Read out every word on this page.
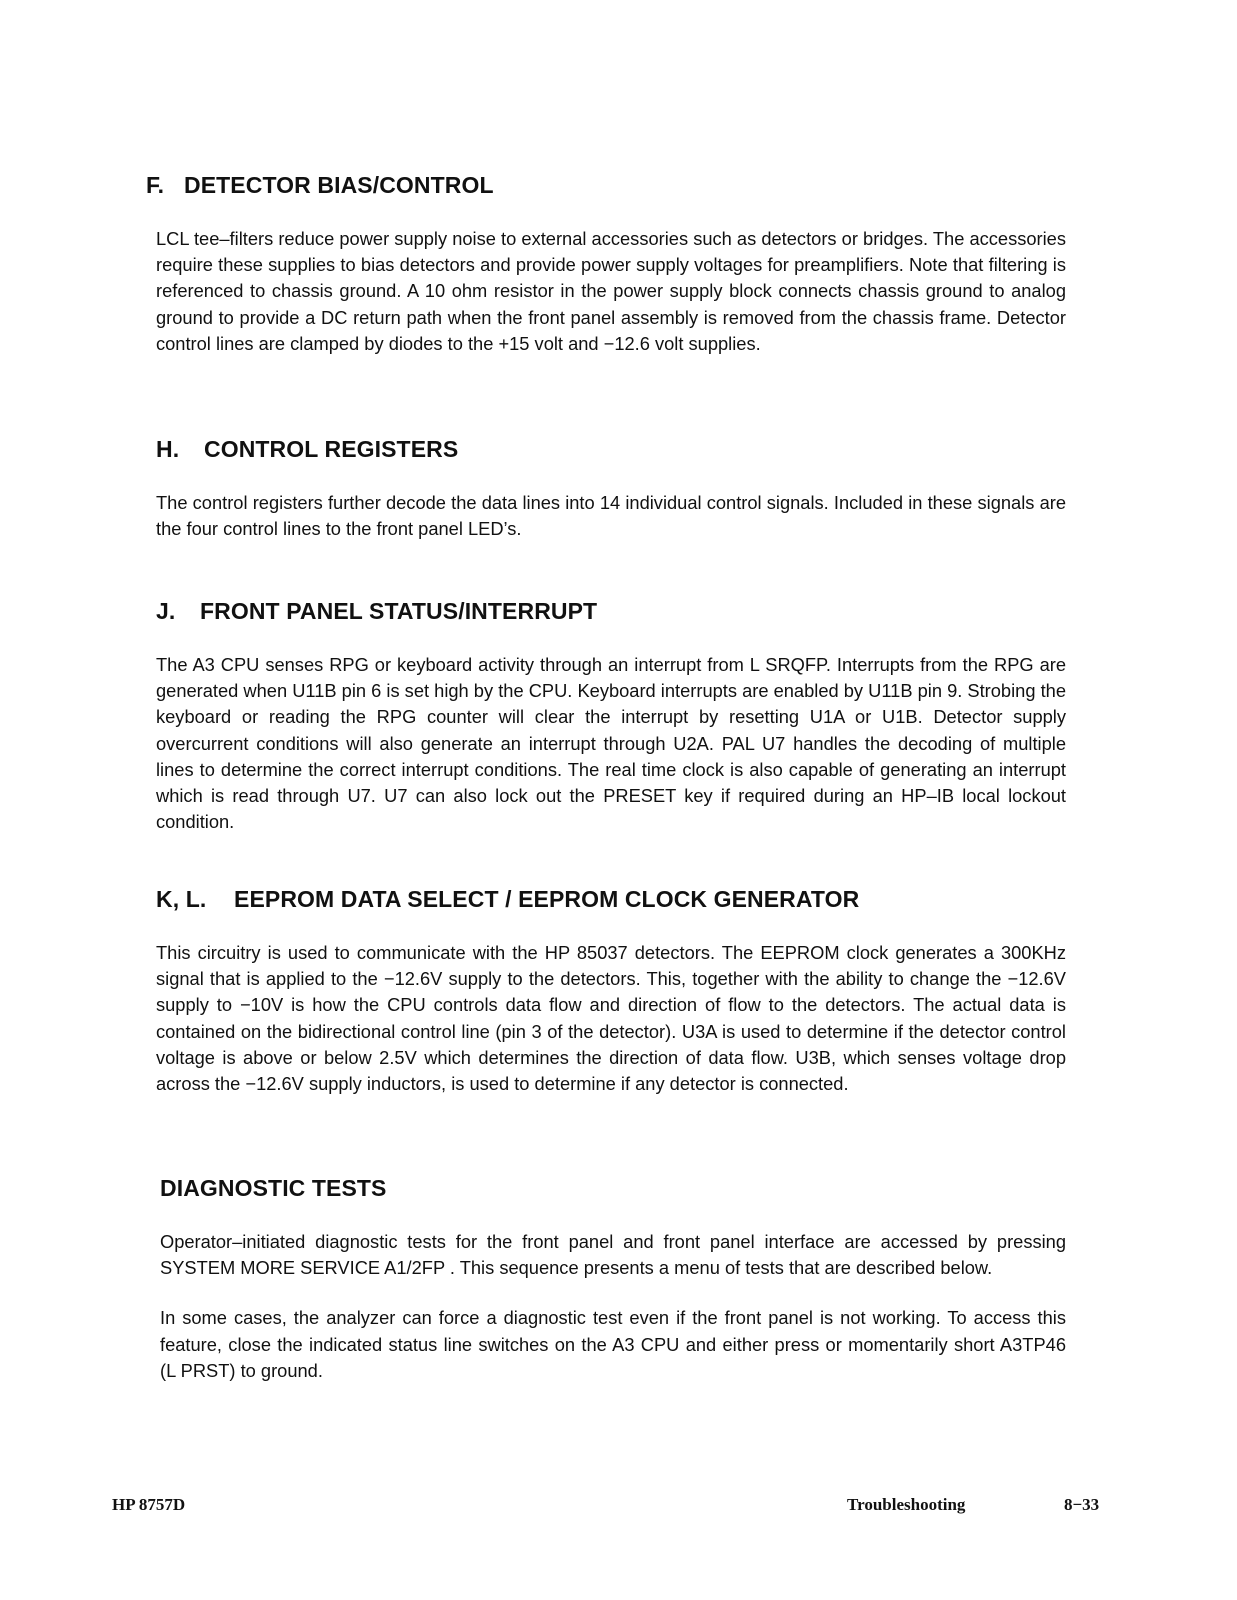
F. DETECTOR BIAS/CONTROL

LCL tee–filters reduce power supply noise to external accessories such as detectors or bridges. The accessories require these supplies to bias detectors and provide power supply voltages for preamplifiers. Note that filtering is referenced to chassis ground. A 10 ohm resistor in the power supply block connects chassis ground to analog ground to provide a DC return path when the front panel assembly is removed from the chassis frame. Detector control lines are clamped by diodes to the +15 volt and −12.6 volt supplies.

H. CONTROL REGISTERS

The control registers further decode the data lines into 14 individual control signals. Included in these signals are the four control lines to the front panel LED’s.

J. FRONT PANEL STATUS/INTERRUPT

The A3 CPU senses RPG or keyboard activity through an interrupt from L SRQFP. Interrupts from the RPG are generated when U11B pin 6 is set high by the CPU. Keyboard interrupts are enabled by U11B pin 9. Strobing the keyboard or reading the RPG counter will clear the interrupt by resetting U1A or U1B. Detector supply overcurrent conditions will also generate an interrupt through U2A. PAL U7 handles the decoding of multiple lines to determine the correct interrupt conditions. The real time clock is also capable of generating an interrupt which is read through U7. U7 can also lock out the PRESET key if required during an HP–IB local lockout condition.

K, L. EEPROM DATA SELECT / EEPROM CLOCK GENERATOR

This circuitry is used to communicate with the HP 85037 detectors. The EEPROM clock generates a 300KHz signal that is applied to the −12.6V supply to the detectors. This, together with the ability to change the −12.6V supply to −10V is how the CPU controls data flow and direction of flow to the detectors. The actual data is contained on the bidirectional control line (pin 3 of the detector). U3A is used to determine if the detector control voltage is above or below 2.5V which determines the direction of data flow. U3B, which senses voltage drop across the −12.6V supply inductors, is used to determine if any detector is connected.

DIAGNOSTIC TESTS

Operator–initiated diagnostic tests for the front panel and front panel interface are accessed by pressing SYSTEM MORE SERVICE A1/2FP . This sequence presents a menu of tests that are described below.

In some cases, the analyzer can force a diagnostic test even if the front panel is not working. To access this feature, close the indicated status line switches on the A3 CPU and either press or momentarily short A3TP46 (L PRST) to ground.

HP 8757D	Troubleshooting	8−33
